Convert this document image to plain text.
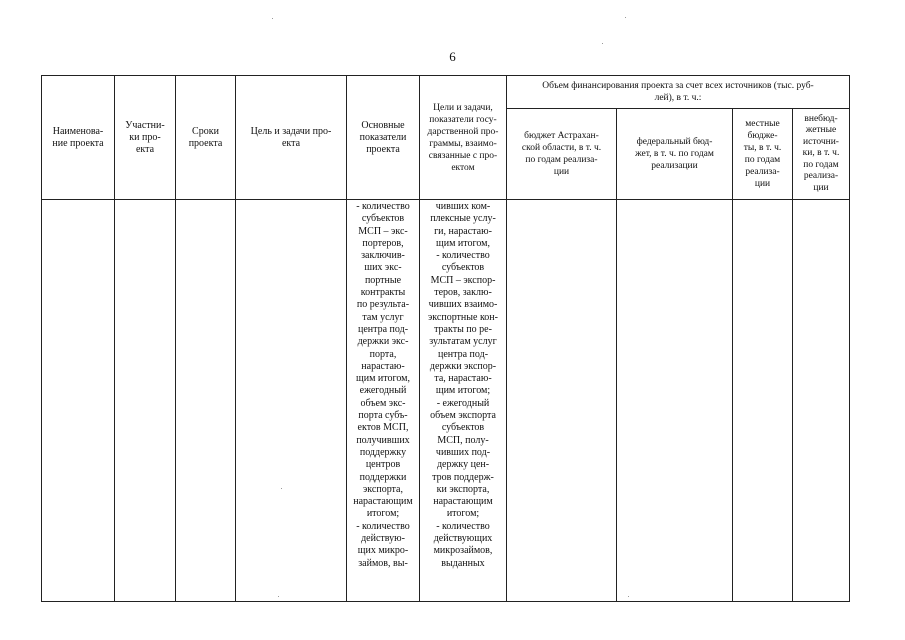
6
Наименова-
ние проекта
Участни-
ки про-
екта
Сроки
проекта
Цель и задачи про-
екта
Основные
показатели
проекта
Цели и задачи,
показатели госу-
дарственной про-
граммы, взаимо-
связанные с про-
ектом
Объем финансирования проекта за счет всех источников (тыс. руб-
лей), в т. ч.:
бюджет Астрахан-
ской области, в т. ч.
по годам реализа-
ции
федеральный бюд-
жет, в т. ч. по годам
реализации
местные
бюдже-
ты, в т. ч.
по годам
реализа-
ции
внебюд-
жетные
источни-
ки, в т. ч.
по годам
реализа-
ции
- количество
субъектов
МСП – экс-
портеров,
заключив-
ших экс-
портные
контракты
по результа-
там услуг
центра под-
держки экс-
порта,
нарастаю-
щим итогом,
ежегодный
объем экс-
порта субъ-
ектов МСП,
получивших
поддержку
центров
поддержки
экспорта,
нарастающим
итогом;
- количество
действую-
щих микро-
займов, вы-
чивших ком-
плексные услу-
ги, нарастаю-
щим итогом,
- количество
субъектов
МСП – экспор-
теров, заклю-
чивших взаимо-
экспортные кон-
тракты по ре-
зультатам услуг
центра под-
держки экспор-
та, нарастаю-
щим итогом;
- ежегодный
объем экспорта
субъектов
МСП, полу-
чивших под-
держку цен-
тров поддерж-
ки экспорта,
нарастающим
итогом;
- количество
действующих
микрозаймов,
выданных
